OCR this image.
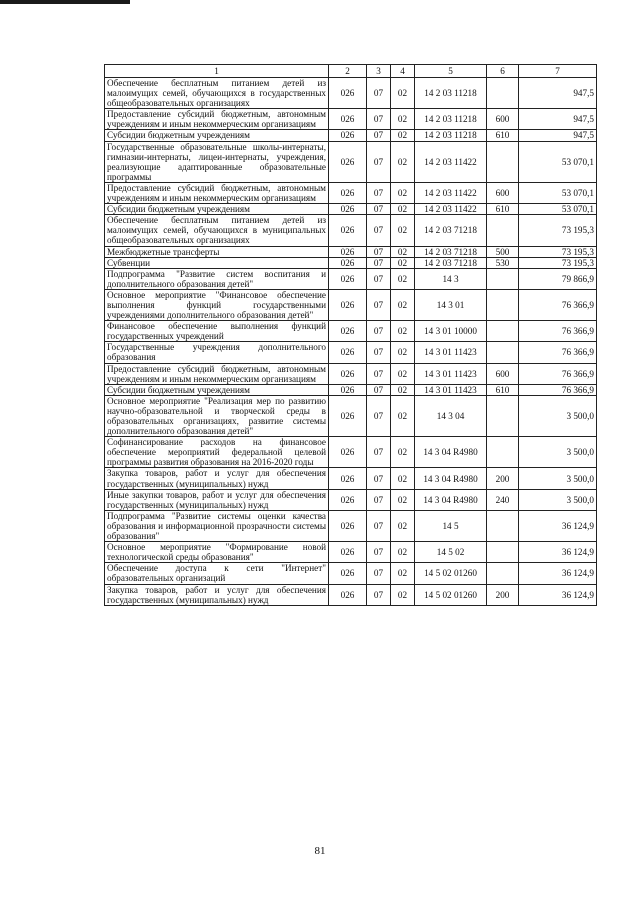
1	2	3	4	5	6	7
Обеспечение бесплатным питанием детей из малоимущих семей, обучающихся в государственных общеобразовательных организациях	026	07	02	14 2 03 11218		947,5
Предоставление субсидий бюджетным, автономным учреждениям и иным некоммерческим организациям	026	07	02	14 2 03 11218	600	947,5
Субсидии бюджетным учреждениям	026	07	02	14 2 03 11218	610	947,5
Государственные образовательные школы-интернаты, гимназии-интернаты, лицеи-интернаты, учреждения, реализующие адаптированные образовательные программы	026	07	02	14 2 03 11422		53 070,1
Предоставление субсидий бюджетным, автономным учреждениям и иным некоммерческим организациям	026	07	02	14 2 03 11422	600	53 070,1
Субсидии бюджетным учреждениям	026	07	02	14 2 03 11422	610	53 070,1
Обеспечение бесплатным питанием детей из малоимущих семей, обучающихся в муниципальных общеобразовательных организациях	026	07	02	14 2 03 71218		73 195,3
Межбюджетные трансферты	026	07	02	14 2 03 71218	500	73 195,3
Субвенции	026	07	02	14 2 03 71218	530	73 195,3
Подпрограмма "Развитие систем воспитания и дополнительного образования детей"	026	07	02	14 3		79 866,9
Основное мероприятие "Финансовое обеспечение выполнения функций государственными учреждениями дополнительного образования детей"	026	07	02	14 3 01		76 366,9
Финансовое обеспечение выполнения функций государственных учреждений	026	07	02	14 3 01 10000		76 366,9
Государственные учреждения дополнительного образования	026	07	02	14 3 01 11423		76 366,9
Предоставление субсидий бюджетным, автономным учреждениям и иным некоммерческим организациям	026	07	02	14 3 01 11423	600	76 366,9
Субсидии бюджетным учреждениям	026	07	02	14 3 01 11423	610	76 366,9
Основное мероприятие "Реализация мер по развитию научно-образовательной и творческой среды в образовательных организациях, развитие системы дополнительного образования детей"	026	07	02	14 3 04		3 500,0
Софинансирование расходов на финансовое обеспечение мероприятий федеральной целевой программы развития образования на 2016-2020 годы	026	07	02	14 3 04 R4980		3 500,0
Закупка товаров, работ и услуг для обеспечения государственных (муниципальных) нужд	026	07	02	14 3 04 R4980	200	3 500,0
Иные закупки товаров, работ и услуг для обеспечения государственных (муниципальных) нужд	026	07	02	14 3 04 R4980	240	3 500,0
Подпрограмма "Развитие системы оценки качества образования и информационной прозрачности системы образования"	026	07	02	14 5		36 124,9
Основное мероприятие "Формирование новой технологической среды образования"	026	07	02	14 5 02		36 124,9
Обеспечение доступа к сети "Интернет" образовательных организаций	026	07	02	14 5 02 01260		36 124,9
Закупка товаров, работ и услуг для обеспечения государственных (муниципальных) нужд	026	07	02	14 5 02 01260	200	36 124,9
81
